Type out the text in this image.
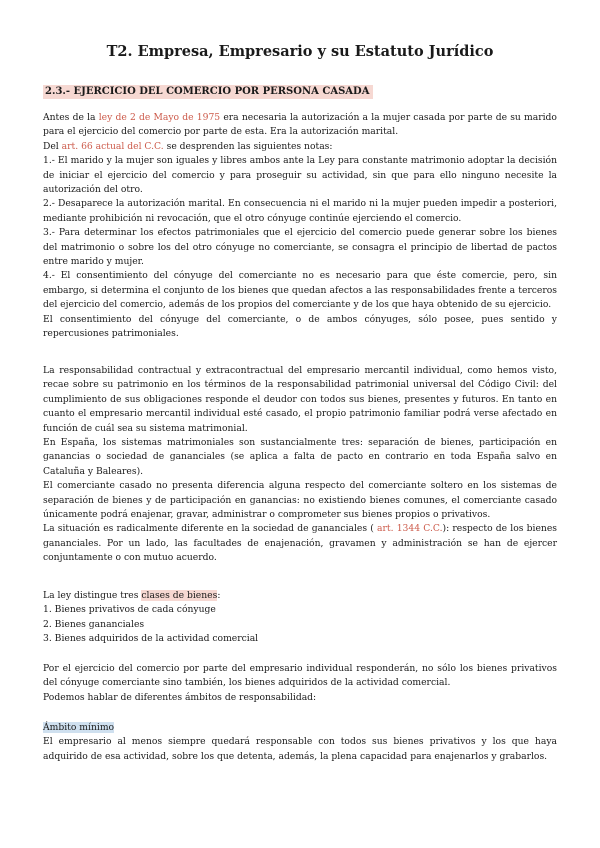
T2. Empresa, Empresario y su Estatuto Jurídico
2.3.- EJERCICIO DEL COMERCIO POR PERSONA CASADA

Antes de la ley de 2 de Mayo de 1975 era necesaria la autorización a la mujer casada por parte de su marido para el ejercicio del comercio por parte de esta. Era la autorización marital.

Del art. 66 actual del C.C. se desprenden las siguientes notas:

1.- El marido y la mujer son iguales y libres ambos ante la Ley para constante matrimonio adoptar la decisión de iniciar el ejercicio del comercio y para proseguir su actividad, sin que para ello ninguno necesite la autorización del otro.

2.- Desaparece la autorización marital. En consecuencia ni el marido ni la mujer pueden impedir a posteriori, mediante prohibición ni revocación, que el otro cónyuge continúe ejerciendo el comercio.

3.- Para determinar los efectos patrimoniales que el ejercicio del comercio puede generar sobre los bienes del matrimonio o sobre los del otro cónyuge no comerciante, se consagra el principio de libertad de pactos entre marido y mujer.

4.- El consentimiento del cónyuge del comerciante no es necesario para que éste comercie, pero, sin embargo, si determina el conjunto de los bienes que quedan afectos a las responsabilidades frente a terceros del ejercicio del comercio, además de los propios del comerciante y de los que haya obtenido de su ejercicio.

El consentimiento del cónyuge del comerciante, o de ambos cónyuges, sólo posee, pues sentido y repercusiones patrimoniales.

La responsabilidad contractual y extracontractual del empresario mercantil individual, como hemos visto, recae sobre su patrimonio en los términos de la responsabilidad patrimonial universal del Código Civil: del cumplimiento de sus obligaciones responde el deudor con todos sus bienes, presentes y futuros. En tanto en cuanto el empresario mercantil individual esté casado, el propio patrimonio familiar podrá verse afectado en función de cuál sea su sistema matrimonial.

En España, los sistemas matrimoniales son sustancialmente tres: separación de bienes, participación en ganancias o sociedad de gananciales (se aplica a falta de pacto en contrario en toda España salvo en Cataluña y Baleares).

El comerciante casado no presenta diferencia alguna respecto del comerciante soltero en los sistemas de separación de bienes y de participación en ganancias: no existiendo bienes comunes, el comerciante casado únicamente podrá enajenar, gravar, administrar o comprometer sus bienes propios o privativos.

La situación es radicalmente diferente en la sociedad de gananciales ( art. 1344 C.C.): respecto de los bienes gananciales. Por un lado, las facultades de enajenación, gravamen y administración se han de ejercer conjuntamente o con mutuo acuerdo.

La ley distingue tres clases de bienes:

1. Bienes privativos de cada cónyuge

2. Bienes gananciales

3. Bienes adquiridos de la actividad comercial

Por el ejercicio del comercio por parte del empresario individual responderán, no sólo los bienes privativos del cónyuge comerciante sino también, los bienes adquiridos de la actividad comercial.

Podemos hablar de diferentes ámbitos de responsabilidad:

Ámbito mínimo

El empresario al menos siempre quedará responsable con todos sus bienes privativos y los que haya adquirido de esa actividad, sobre los que detenta, además, la plena capacidad para enajenarlos y grabarlos.
